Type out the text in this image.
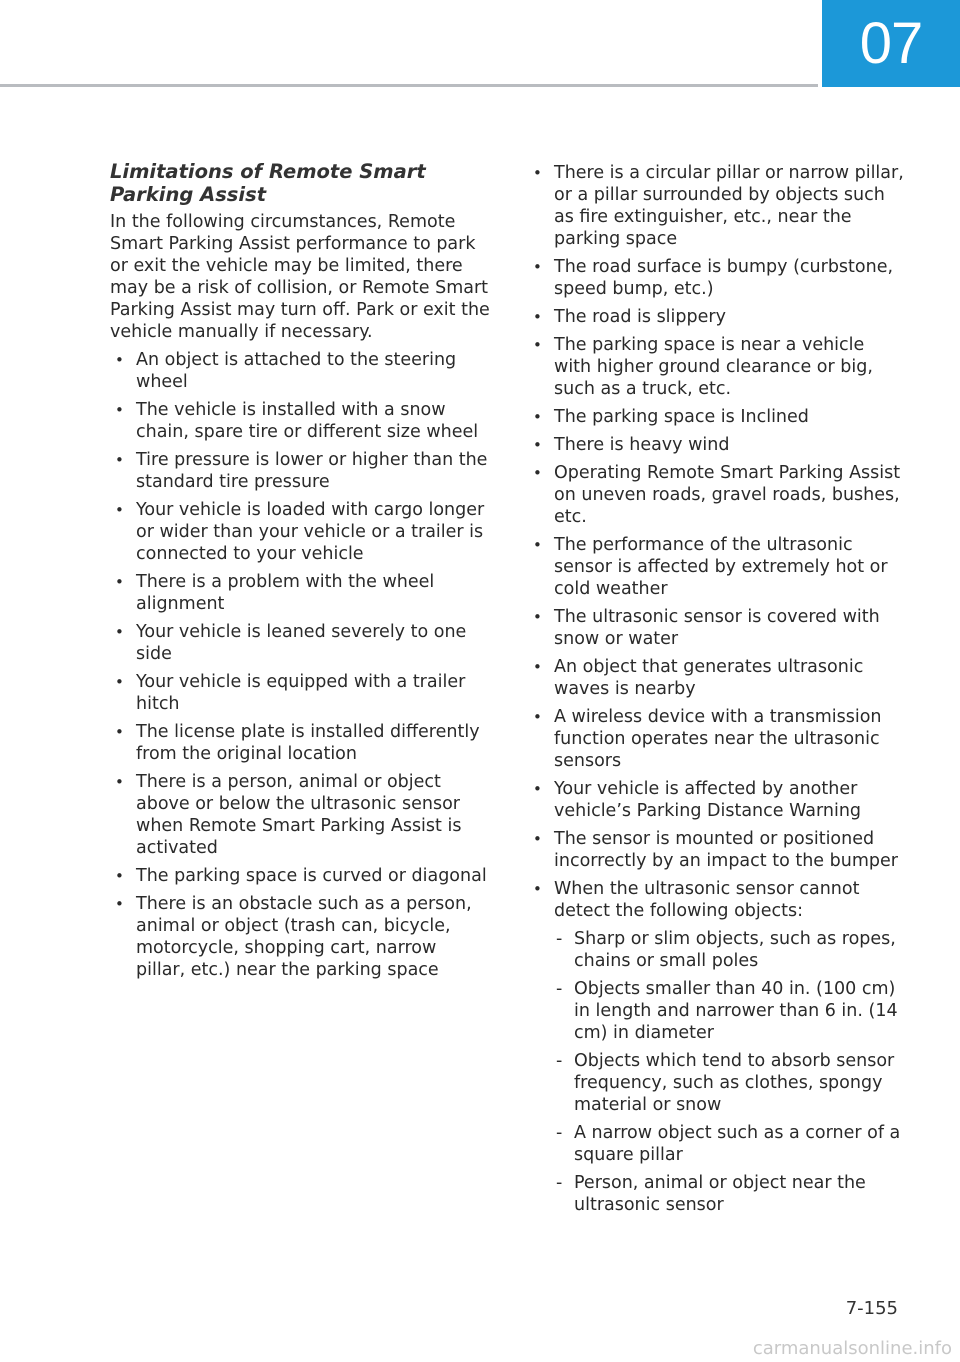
07
Limitations of Remote Smart Parking Assist

In the following circumstances, Remote Smart Parking Assist performance to park or exit the vehicle may be limited, there may be a risk of collision, or Remote Smart Parking Assist may turn off. Park or exit the vehicle manually if necessary.

• An object is attached to the steering wheel
• The vehicle is installed with a snow chain, spare tire or different size wheel
• Tire pressure is lower or higher than the standard tire pressure
• Your vehicle is loaded with cargo longer or wider than your vehicle or a trailer is connected to your vehicle
• There is a problem with the wheel alignment
• Your vehicle is leaned severely to one side
• Your vehicle is equipped with a trailer hitch
• The license plate is installed differently from the original location
• There is a person, animal or object above or below the ultrasonic sensor when Remote Smart Parking Assist is activated
• The parking space is curved or diagonal
• There is an obstacle such as a person, animal or object (trash can, bicycle, motorcycle, shopping cart, narrow pillar, etc.) near the parking space
• There is a circular pillar or narrow pillar, or a pillar surrounded by objects such as fire extinguisher, etc., near the parking space
• The road surface is bumpy (curbstone, speed bump, etc.)
• The road is slippery
• The parking space is near a vehicle with higher ground clearance or big, such as a truck, etc.
• The parking space is Inclined
• There is heavy wind
• Operating Remote Smart Parking Assist on uneven roads, gravel roads, bushes, etc.
• The performance of the ultrasonic sensor is affected by extremely hot or cold weather
• The ultrasonic sensor is covered with snow or water
• An object that generates ultrasonic waves is nearby
• A wireless device with a transmission function operates near the ultrasonic sensors
• Your vehicle is affected by another vehicle’s Parking Distance Warning
• The sensor is mounted or positioned incorrectly by an impact to the bumper
• When the ultrasonic sensor cannot detect the following objects:
- Sharp or slim objects, such as ropes, chains or small poles
- Objects smaller than 40 in. (100 cm) in length and narrower than 6 in. (14 cm) in diameter
- Objects which tend to absorb sensor frequency, such as clothes, spongy material or snow
- A narrow object such as a corner of a square pillar
- Person, animal or object near the ultrasonic sensor
7-155
carmanualsonline.info
